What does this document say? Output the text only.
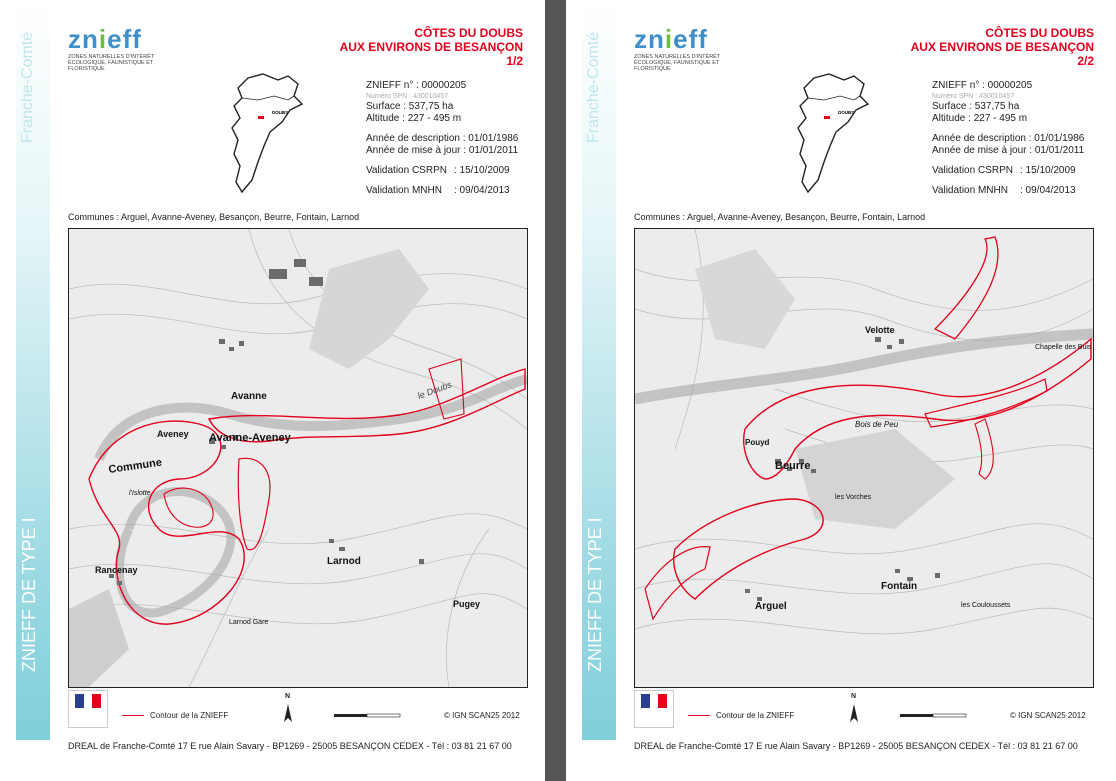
Franche-Comté
ZNIEFF DE TYPE I
znieff
ZONES NATURELLES D'INTÉRÊT ÉCOLOGIQUE, FAUNISTIQUE ET FLORISTIQUE
CÔTES DU DOUBS
AUX ENVIRONS DE BESANÇON
1/2
DOUBS
ZNIEFF n° : 00000205
Numéro SPN : 430010457
Surface : 537,75 ha
Altitude : 227 - 495 m
Année de description : 01/01/1986
Année de mise à jour : 01/01/2011
Validation CSRPN : 15/10/2009
Validation MNHN	: 09/04/2013
Communes : Arguel, Avanne-Aveney, Besançon, Beurre, Fontain, Larnod
Avanne
Aveney Avanne-Aveney
Commune
Rancenay
Larnod
Pugey
l'Islotte
Larnod Gare
le Doubs
Contour de la ZNIEFF
N
© IGN SCAN25 2012
DREAL de Franche-Comté 17 E rue Alain Savary - BP1269 - 25005 BESANÇON CEDEX - Tél : 03 81 21 67 00
Franche-Comté
ZNIEFF DE TYPE I
znieff
ZONES NATURELLES D'INTÉRÊT ÉCOLOGIQUE, FAUNISTIQUE ET FLORISTIQUE
CÔTES DU DOUBS
AUX ENVIRONS DE BESANÇON
2/2
DOUBS
ZNIEFF n° : 00000205
Numéro SPN : 430010457
Surface : 537,75 ha
Altitude : 227 - 495 m
Année de description : 01/01/1986
Année de mise à jour : 01/01/2011
Validation CSRPN : 15/10/2009
Validation MNHN	: 09/04/2013
Communes : Arguel, Avanne-Aveney, Besançon, Beurre, Fontain, Larnod
Beurre
Arguel
Fontain
Velotte
Pouyd
Bois de Peu
les Vorches
Chapelle des Buis
les Couloussets
Contour de la ZNIEFF
N
© IGN SCAN25 2012
DREAL de Franche-Comté 17 E rue Alain Savary - BP1269 - 25005 BESANÇON CEDEX - Tél : 03 81 21 67 00
